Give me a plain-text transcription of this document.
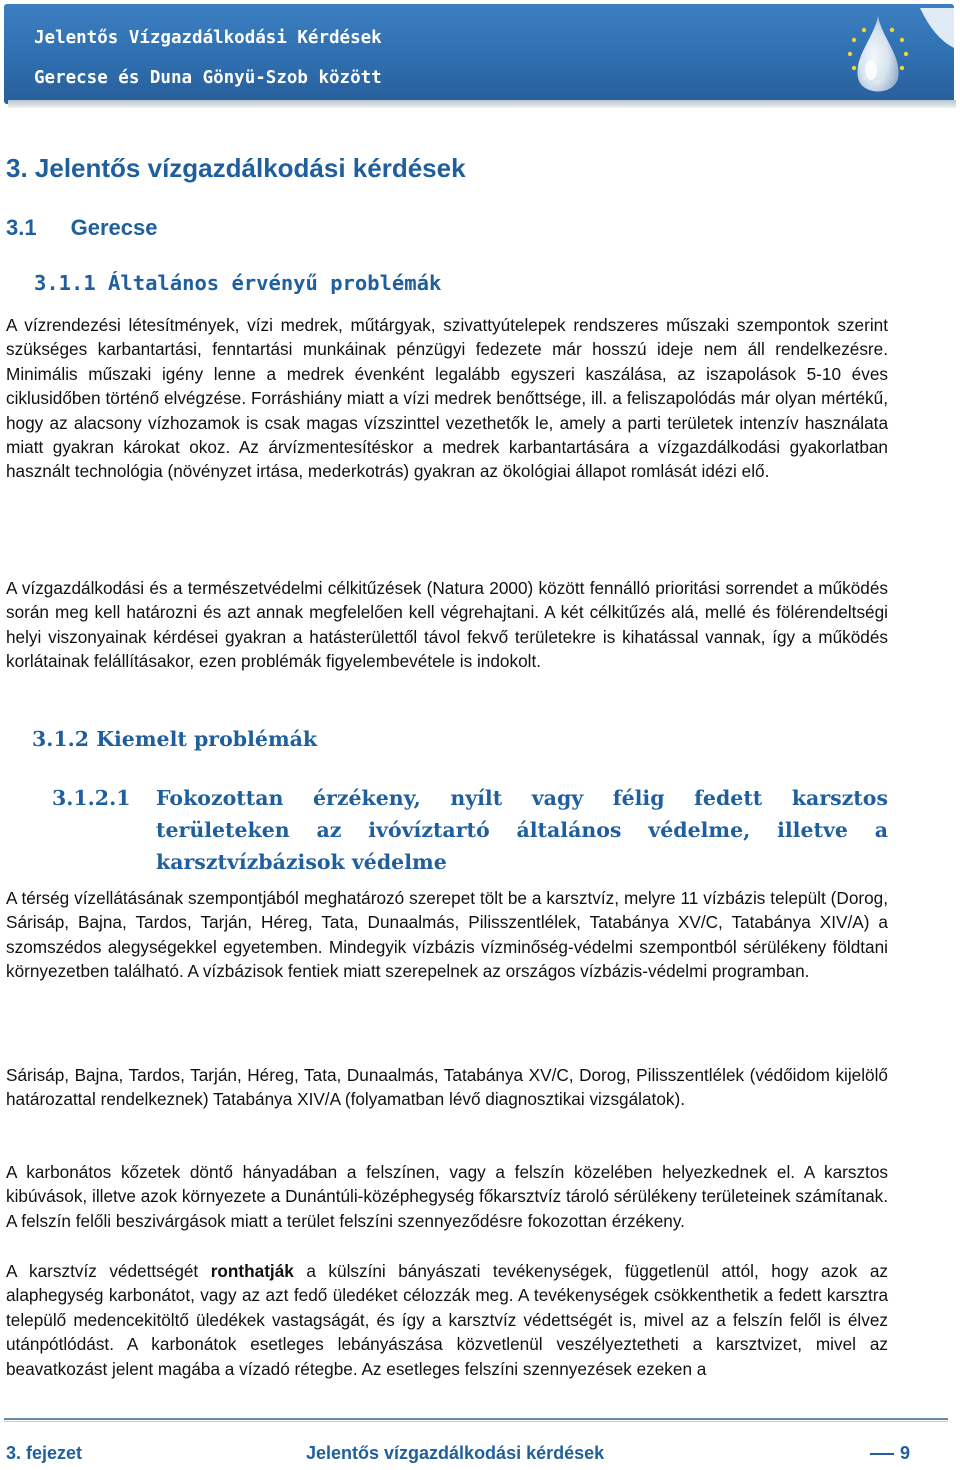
Jelentős Vízgazdálkodási Kérdések
Gerecse és Duna Gönyü-Szob között
3. Jelentős vízgazdálkodási kérdések
3.1 Gerecse
3.1.1 Általános érvényű problémák

A vízrendezési létesítmények, vízi medrek, műtárgyak, szivattyútelepek rendszeres műszaki szempontok szerint szükséges karbantartási, fenntartási munkáinak pénzügyi fedezete már hosszú ideje nem áll rendelkezésre. Minimális műszaki igény lenne a medrek évenként legalább egyszeri kaszálása, az iszapolások 5-10 éves ciklusidőben történő elvégzése. Forráshiány miatt a vízi medrek benőttsége, ill. a feliszapolódás már olyan mértékű, hogy az alacsony vízhozamok is csak magas vízszinttel vezethetők le, amely a parti területek intenzív használata miatt gyakran károkat okoz. Az árvízmentesítéskor a medrek karbantartására a vízgazdálkodási gyakorlatban használt technológia (növényzet irtása, mederkotrás) gyakran az ökológiai állapot romlását idézi elő.

A vízgazdálkodási és a természetvédelmi célkitűzések (Natura 2000) között fennálló prioritási sorrendet a működés során meg kell határozni és azt annak megfelelően kell végrehajtani. A két célkitűzés alá, mellé és fölérendeltségi helyi viszonyainak kérdései gyakran a hatásterülettől távol fekvő területekre is kihatással vannak, így a működés korlátainak felállításakor, ezen problémák figyelembevétele is indokolt.

3.1.2 Kiemelt problémák
3.1.2.1 Fokozottan érzékeny, nyílt vagy félig fedett karsztos területeken az ivóvíztartó általános védelme, illetve a karsztvízbázisok védelme

A térség vízellátásának szempontjából meghatározó szerepet tölt be a karsztvíz, melyre 11 vízbázis települt (Dorog, Sárisáp, Bajna, Tardos, Tarján, Héreg, Tata, Dunaalmás, Pilisszentlélek, Tatabánya XV/C, Tatabánya XIV/A) a szomszédos alegységekkel egyetemben. Mindegyik vízbázis vízminőség-védelmi szempontból sérülékeny földtani környezetben található. A vízbázisok fentiek miatt szerepelnek az országos vízbázis-védelmi programban.

Sárisáp, Bajna, Tardos, Tarján, Héreg, Tata, Dunaalmás, Tatabánya XV/C, Dorog, Pilisszentlélek (védőidom kijelölő határozattal rendelkeznek) Tatabánya XIV/A (folyamatban lévő diagnosztikai vizsgálatok).

A karbonátos kőzetek döntő hányadában a felszínen, vagy a felszín közelében helyezkednek el. A karsztos kibúvások, illetve azok környezete a Dunántúli-középhegység főkarsztvíz tároló sérülékeny területeinek számítanak. A felszín felőli beszivárgások miatt a terület felszíni szennyeződésre fokozottan érzékeny.

A karsztvíz védettségét ronthatják a külszíni bányászati tevékenységek, függetlenül attól, hogy azok az alaphegység karbonátot, vagy az azt fedő üledéket célozzák meg. A tevékenységek csökkenthetik a fedett karsztra települő medencekitöltő üledékek vastagságát, és így a karsztvíz védettségét is, mivel az a felszín felől is élvez utánpótlódást. A karbonátok esetleges lebányászása közvetlenül veszélyeztetheti a karsztvizet, mivel az beavatkozást jelent magába a vízadó rétegbe. Az esetleges felszíni szennyezések ezeken a

3. fejezet	Jelentős vízgazdálkodási kérdések	9
